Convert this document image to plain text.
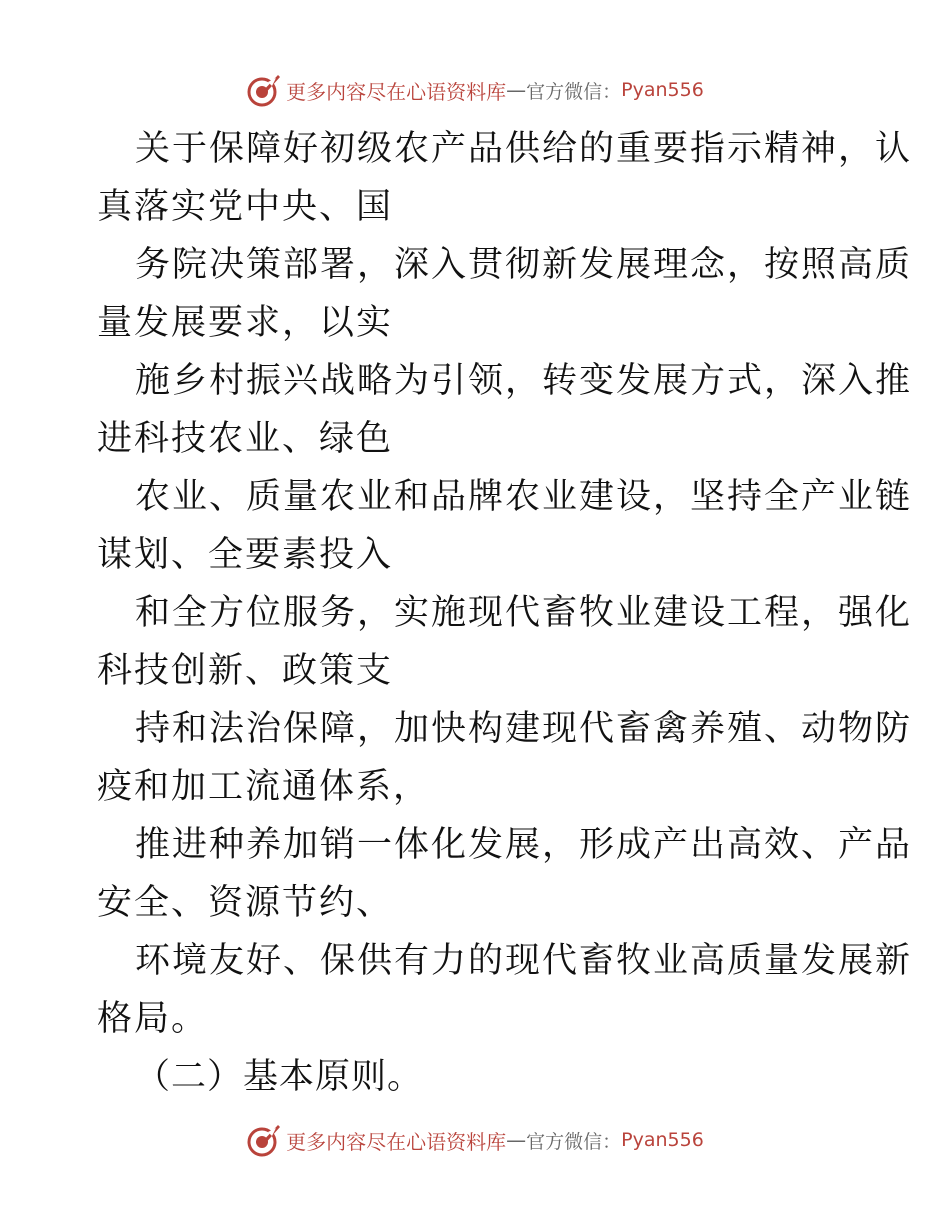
更多内容尽在心语资料库 — 官方微信： Pyan556
关于保障好初级农产品供给的重要指示精神，认
真落实党中央、国
务院决策部署，深入贯彻新发展理念，按照高质
量发展要求，以实
施乡村振兴战略为引领，转变发展方式，深入推
进科技农业、绿色
农业、质量农业和品牌农业建设，坚持全产业链
谋划、全要素投入
和全方位服务，实施现代畜牧业建设工程，强化
科技创新、政策支
持和法治保障，加快构建现代畜禽养殖、动物防
疫和加工流通体系，
推进种养加销一体化发展，形成产出高效、产品
安全、资源节约、
环境友好、保供有力的现代畜牧业高质量发展新
格局。
（二）基本原则。
更多内容尽在心语资料库 — 官方微信： Pyan556
